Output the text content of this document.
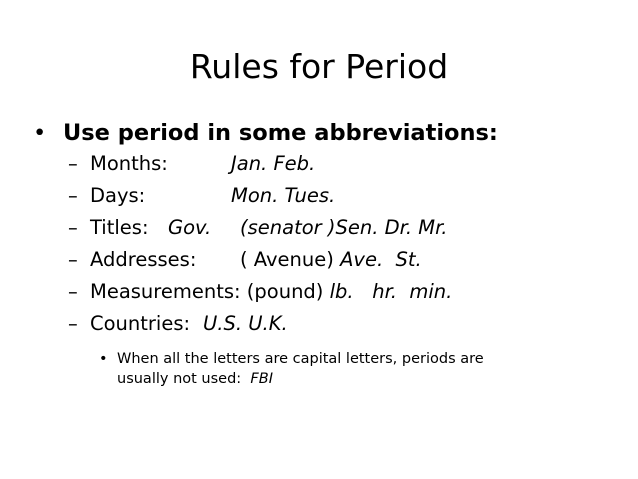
Rules for Period
• Use period in some abbreviations:
– Months:	Jan. Feb.
– Days:	Mon. Tues.
– Titles: Gov. (senator )Sen. Dr. Mr.
– Addresses: ( Avenue) Ave.  St.
– Measurements: (pound) lb.   hr.  min.
– Countries: U.S. U.K.
• When all the letters are capital letters, periods are
usually not used:  FBI
